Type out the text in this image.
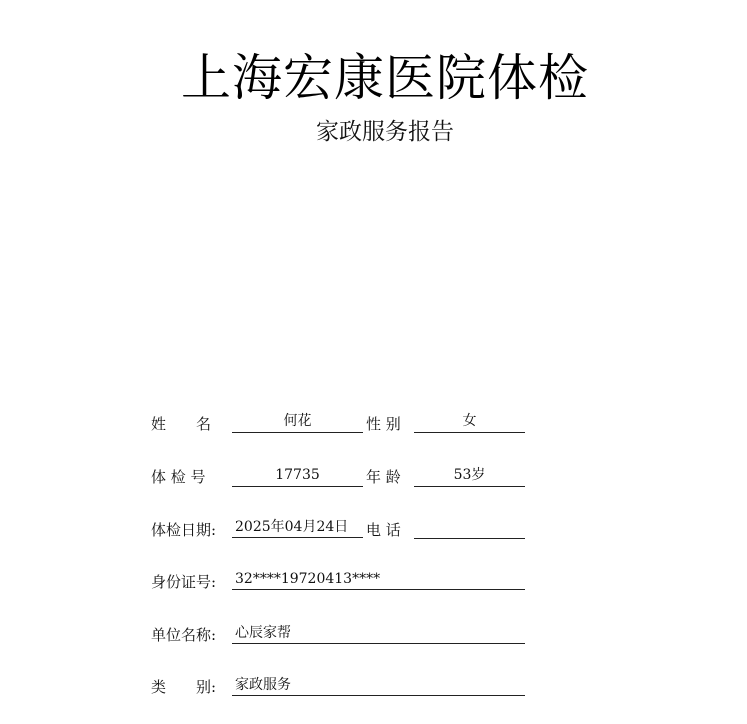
上海宏康医院体检
家政服务报告
姓　　名	何花	性 别	女
体 检 号	17735	年 龄	53岁
体检日期: 2025年04月24日	电 话
身份证号: 32****19720413****
单位名称: 心辰家帮
类　　别: 家政服务
